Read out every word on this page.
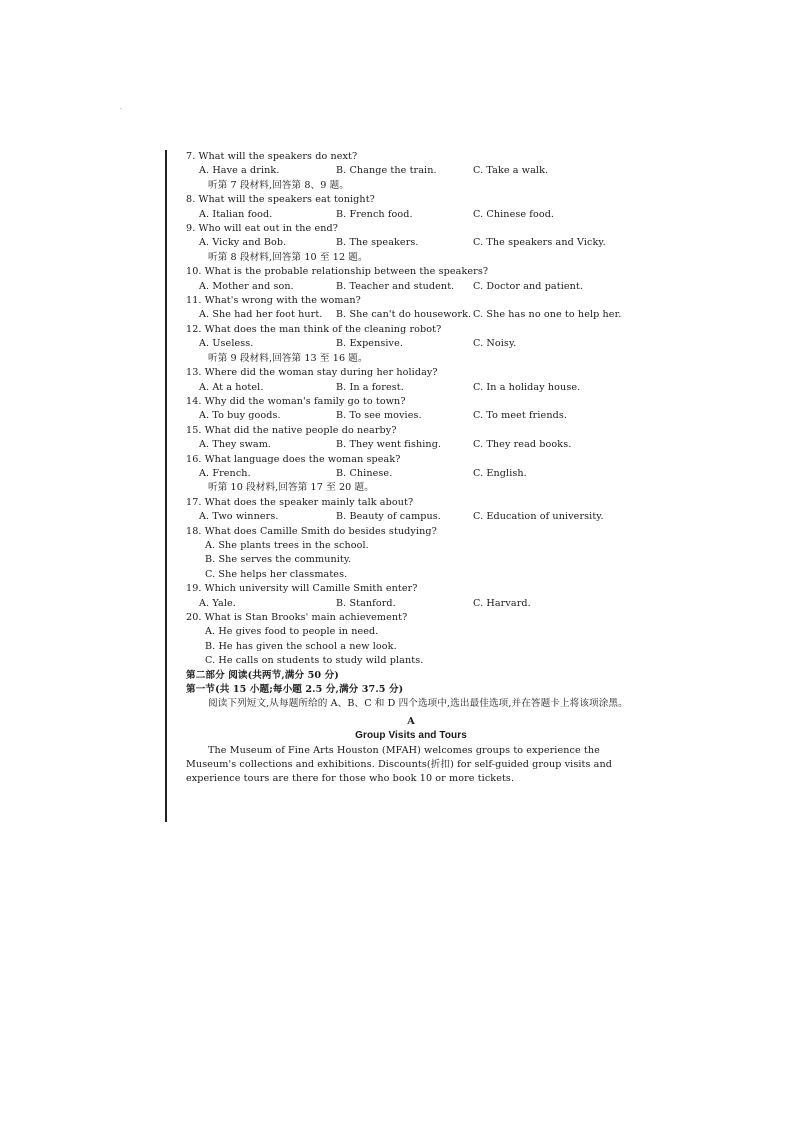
·
7. What will the speakers do next?
A. Have a drink.	B. Change the train.	C. Take a walk.
听第 7 段材料,回答第 8、9 题。
8. What will the speakers eat tonight?
A. Italian food.	B. French food.	C. Chinese food.
9. Who will eat out in the end?
A. Vicky and Bob.	B. The speakers.	C. The speakers and Vicky.
听第 8 段材料,回答第 10 至 12 题。
10. What is the probable relationship between the speakers?
A. Mother and son.	B. Teacher and student.	C. Doctor and patient.
11. What's wrong with the woman?
A. She had her foot hurt.	B. She can't do housework. C. She has no one to help her.
12. What does the man think of the cleaning robot?
A. Useless.	B. Expensive.	C. Noisy.
听第 9 段材料,回答第 13 至 16 题。
13. Where did the woman stay during her holiday?
A. At a hotel.	B. In a forest.	C. In a holiday house.
14. Why did the woman's family go to town?
A. To buy goods.	B. To see movies.	C. To meet friends.
15. What did the native people do nearby?
A. They swam.	B. They went fishing.	C. They read books.
16. What language does the woman speak?
A. French.	B. Chinese.	C. English.
听第 10 段材料,回答第 17 至 20 题。
17. What does the speaker mainly talk about?
A. Two winners.	B. Beauty of campus.	C. Education of university.
18. What does Camille Smith do besides studying?
A. She plants trees in the school.
B. She serves the community.
C. She helps her classmates.
19. Which university will Camille Smith enter?
A. Yale.	B. Stanford.	C. Harvard.
20. What is Stan Brooks' main achievement?
A. He gives food to people in need.
B. He has given the school a new look.
C. He calls on students to study wild plants.
第二部分 阅读(共两节,满分 50 分)
第一节(共 15 小题;每小题 2.5 分,满分 37.5 分)
阅读下列短文,从每题所给的 A、B、C 和 D 四个选项中,选出最佳选项,并在答题卡上将该项涂黑。
A
Group Visits and Tours
The Museum of Fine Arts Houston (MFAH) welcomes groups to experience the Museum's collections and exhibitions. Discounts(折扣) for self-guided group visits and experience tours are there for those who book 10 or more tickets.
